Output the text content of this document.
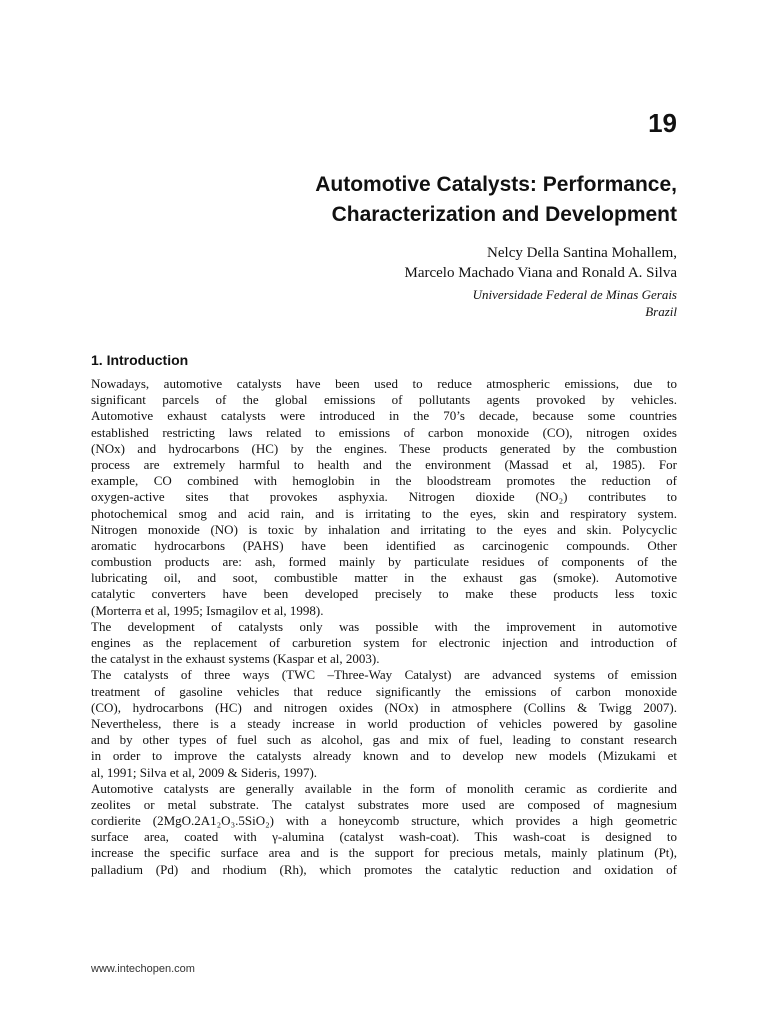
19
Automotive Catalysts: Performance,
Characterization and Development
Nelcy Della Santina Mohallem,
Marcelo Machado Viana and Ronald A. Silva
Universidade Federal de Minas Gerais
Brazil
1. Introduction
Nowadays, automotive catalysts have been used to reduce atmospheric emissions, due to
significant parcels of the global emissions of pollutants agents provoked by vehicles.
Automotive exhaust catalysts were introduced in the 70’s decade, because some countries
established restricting laws related to emissions of carbon monoxide (CO), nitrogen oxides
(NOx) and hydrocarbons (HC) by the engines. These products generated by the combustion
process are extremely harmful to health and the environment (Massad et al, 1985). For
example, CO combined with hemoglobin in the bloodstream promotes the reduction of
oxygen-active sites that provokes asphyxia. Nitrogen dioxide (NO₂) contributes to
photochemical smog and acid rain, and is irritating to the eyes, skin and respiratory system.
Nitrogen monoxide (NO) is toxic by inhalation and irritating to the eyes and skin. Polycyclic
aromatic hydrocarbons (PAHS) have been identified as carcinogenic compounds. Other
combustion products are: ash, formed mainly by particulate residues of components of the
lubricating oil, and soot, combustible matter in the exhaust gas (smoke). Automotive
catalytic converters have been developed precisely to make these products less toxic
(Morterra et al, 1995; Ismagilov et al, 1998).
The development of catalysts only was possible with the improvement in automotive
engines as the replacement of carburetion system for electronic injection and introduction of
the catalyst in the exhaust systems (Kaspar et al, 2003).
The catalysts of three ways (TWC –Three-Way Catalyst) are advanced systems of emission
treatment of gasoline vehicles that reduce significantly the emissions of carbon monoxide
(CO), hydrocarbons (HC) and nitrogen oxides (NOx) in atmosphere (Collins & Twigg 2007).
Nevertheless, there is a steady increase in world production of vehicles powered by gasoline
and by other types of fuel such as alcohol, gas and mix of fuel, leading to constant research
in order to improve the catalysts already known and to develop new models (Mizukami et
al, 1991; Silva et al, 2009 & Sideris, 1997).
Automotive catalysts are generally available in the form of monolith ceramic as cordierite and
zeolites or metal substrate. The catalyst substrates more used are composed of magnesium
cordierite (2MgO.2A1₂O₃.5SiO₂) with a honeycomb structure, which provides a high geometric
surface area, coated with γ-alumina (catalyst wash-coat). This wash-coat is designed to
increase the specific surface area and is the support for precious metals, mainly platinum (Pt),
palladium (Pd) and rhodium (Rh), which promotes the catalytic reduction and oxidation of
www.intechopen.com
